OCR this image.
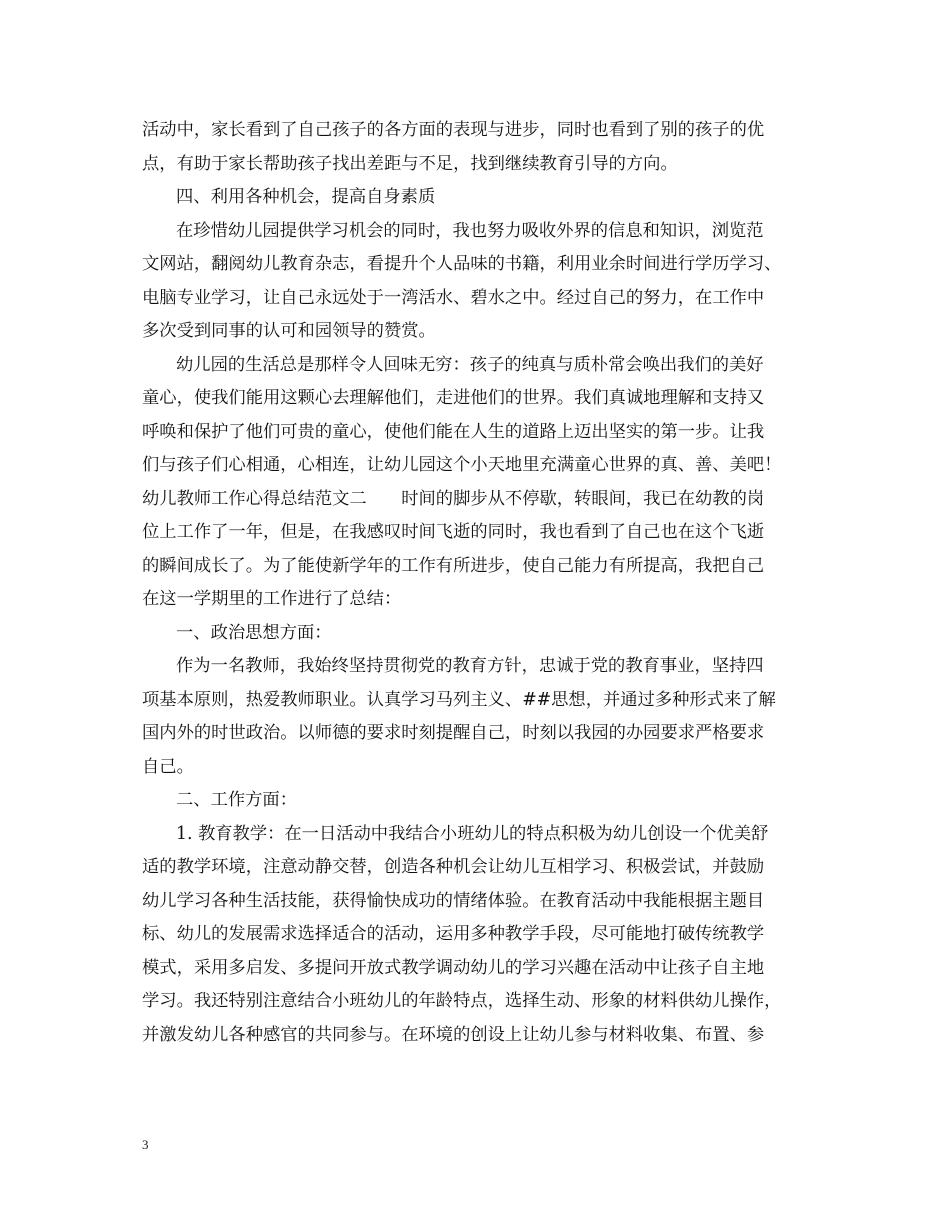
活动中，家长看到了自己孩子的各方面的表现与进步，同时也看到了别的孩子的优
点，有助于家长帮助孩子找出差距与不足，找到继续教育引导的方向。
四、利用各种机会，提高自身素质
在珍惜幼儿园提供学习机会的同时，我也努力吸收外界的信息和知识，浏览范
文网站，翻阅幼儿教育杂志，看提升个人品味的书籍，利用业余时间进行学历学习、
电脑专业学习，让自己永远处于一湾活水、碧水之中。经过自己的努力，在工作中
多次受到同事的认可和园领导的赞赏。
幼儿园的生活总是那样令人回味无穷：孩子的纯真与质朴常会唤出我们的美好
童心，使我们能用这颗心去理解他们，走进他们的世界。我们真诚地理解和支持又
呼唤和保护了他们可贵的童心，使他们能在人生的道路上迈出坚实的第一步。让我
们与孩子们心相通，心相连，让幼儿园这个小天地里充满童心世界的真、善、美吧！
幼儿教师工作心得总结范文二　　时间的脚步从不停歇，转眼间，我已在幼教的岗
位上工作了一年，但是，在我感叹时间飞逝的同时，我也看到了自己也在这个飞逝
的瞬间成长了。为了能使新学年的工作有所进步，使自己能力有所提高，我把自己
在这一学期里的工作进行了总结：
一、政治思想方面：
作为一名教师，我始终坚持贯彻党的教育方针，忠诚于党的教育事业，坚持四
项基本原则，热爱教师职业。认真学习马列主义、##思想，并通过多种形式来了解
国内外的时世政治。以师德的要求时刻提醒自己，时刻以我园的办园要求严格要求
自己。
二、工作方面：
1. 教育教学：在一日活动中我结合小班幼儿的特点积极为幼儿创设一个优美舒
适的教学环境，注意动静交替，创造各种机会让幼儿互相学习、积极尝试，并鼓励
幼儿学习各种生活技能，获得愉快成功的情绪体验。在教育活动中我能根据主题目
标、幼儿的发展需求选择适合的活动，运用多种教学手段，尽可能地打破传统教学
模式，采用多启发、多提问开放式教学调动幼儿的学习兴趣在活动中让孩子自主地
学习。我还特别注意结合小班幼儿的年龄特点，选择生动、形象的材料供幼儿操作，
并激发幼儿各种感官的共同参与。在环境的创设上让幼儿参与材料收集、布置、参
3
